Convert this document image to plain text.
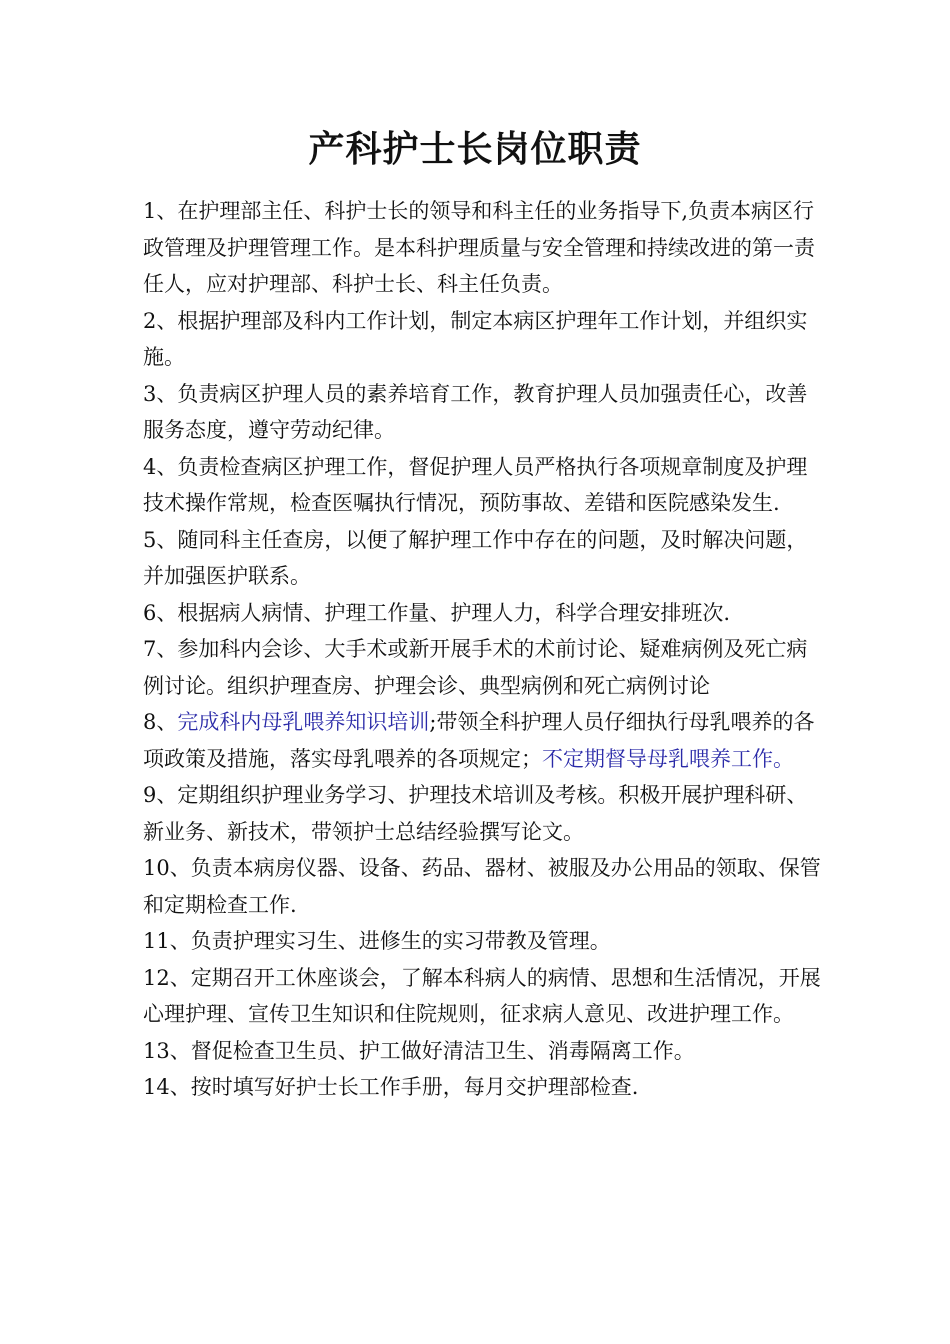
产科护士长岗位职责

1、在护理部主任、科护士长的领导和科主任的业务指导下,负责本病区行政管理及护理管理工作。是本科护理质量与安全管理和持续改进的第一责任人，应对护理部、科护士长、科主任负责。

2、根据护理部及科内工作计划，制定本病区护理年工作计划，并组织实施。

3、负责病区护理人员的素养培育工作，教育护理人员加强责任心，改善服务态度，遵守劳动纪律。

4、负责检查病区护理工作，督促护理人员严格执行各项规章制度及护理技术操作常规，检查医嘱执行情况，预防事故、差错和医院感染发生.

5、随同科主任查房，以便了解护理工作中存在的问题，及时解决问题，并加强医护联系。

6、根据病人病情、护理工作量、护理人力，科学合理安排班次.

7、参加科内会诊、大手术或新开展手术的术前讨论、疑难病例及死亡病例讨论。组织护理查房、护理会诊、典型病例和死亡病例讨论

8、完成科内母乳喂养知识培训;带领全科护理人员仔细执行母乳喂养的各项政策及措施，落实母乳喂养的各项规定；不定期督导母乳喂养工作。

9、定期组织护理业务学习、护理技术培训及考核。积极开展护理科研、新业务、新技术，带领护士总结经验撰写论文。

10、负责本病房仪器、设备、药品、器材、被服及办公用品的领取、保管和定期检查工作.

11、负责护理实习生、进修生的实习带教及管理。

12、定期召开工休座谈会，了解本科病人的病情、思想和生活情况，开展心理护理、宣传卫生知识和住院规则，征求病人意见、改进护理工作。

13、督促检查卫生员、护工做好清洁卫生、消毒隔离工作。

14、按时填写好护士长工作手册，每月交护理部检查.
